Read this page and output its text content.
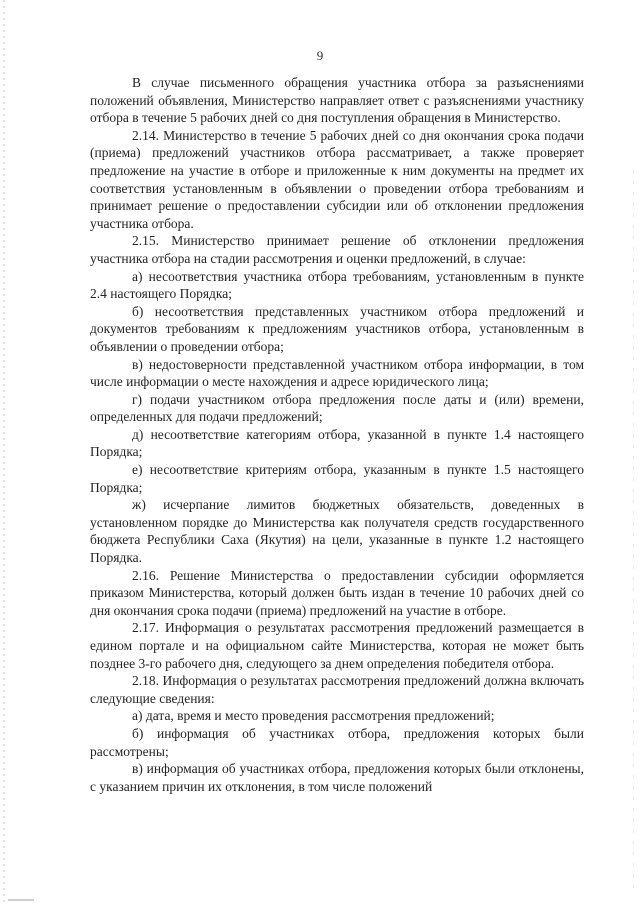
9

В случае письменного обращения участника отбора за разъяснениями положений объявления, Министерство направляет ответ с разъяснениями участнику отбора в течение 5 рабочих дней со дня поступления обращения в Министерство.

2.14. Министерство в течение 5 рабочих дней со дня окончания срока подачи (приема) предложений участников отбора рассматривает, а также проверяет предложение на участие в отборе и приложенные к ним документы на предмет их соответствия установленным в объявлении о проведении отбора требованиям и принимает решение о предоставлении субсидии или об отклонении предложения участника отбора.

2.15. Министерство принимает решение об отклонении предложения участника отбора на стадии рассмотрения и оценки предложений, в случае:

а) несоответствия участника отбора требованиям, установленным в пункте 2.4 настоящего Порядка;

б) несоответствия представленных участником отбора предложений и документов требованиям к предложениям участников отбора, установленным в объявлении о проведении отбора;

в) недостоверности представленной участником отбора информации, в том числе информации о месте нахождения и адресе юридического лица;

г) подачи участником отбора предложения после даты и (или) времени, определенных для подачи предложений;

д) несоответствие категориям отбора, указанной в пункте 1.4 настоящего Порядка;

е) несоответствие критериям отбора, указанным в пункте 1.5 настоящего Порядка;

ж) исчерпание лимитов бюджетных обязательств, доведенных в установленном порядке до Министерства как получателя средств государственного бюджета Республики Саха (Якутия) на цели, указанные в пункте 1.2 настоящего Порядка.

2.16. Решение Министерства о предоставлении субсидии оформляется приказом Министерства, который должен быть издан в течение 10 рабочих дней со дня окончания срока подачи (приема) предложений на участие в отборе.

2.17. Информация о результатах рассмотрения предложений размещается в едином портале и на официальном сайте Министерства, которая не может быть позднее 3-го рабочего дня, следующего за днем определения победителя отбора.

2.18. Информация о результатах рассмотрения предложений должна включать следующие сведения:

а) дата, время и место проведения рассмотрения предложений;

б) информация об участниках отбора, предложения которых были рассмотрены;

в) информация об участниках отбора, предложения которых были отклонены, с указанием причин их отклонения, в том числе положений
